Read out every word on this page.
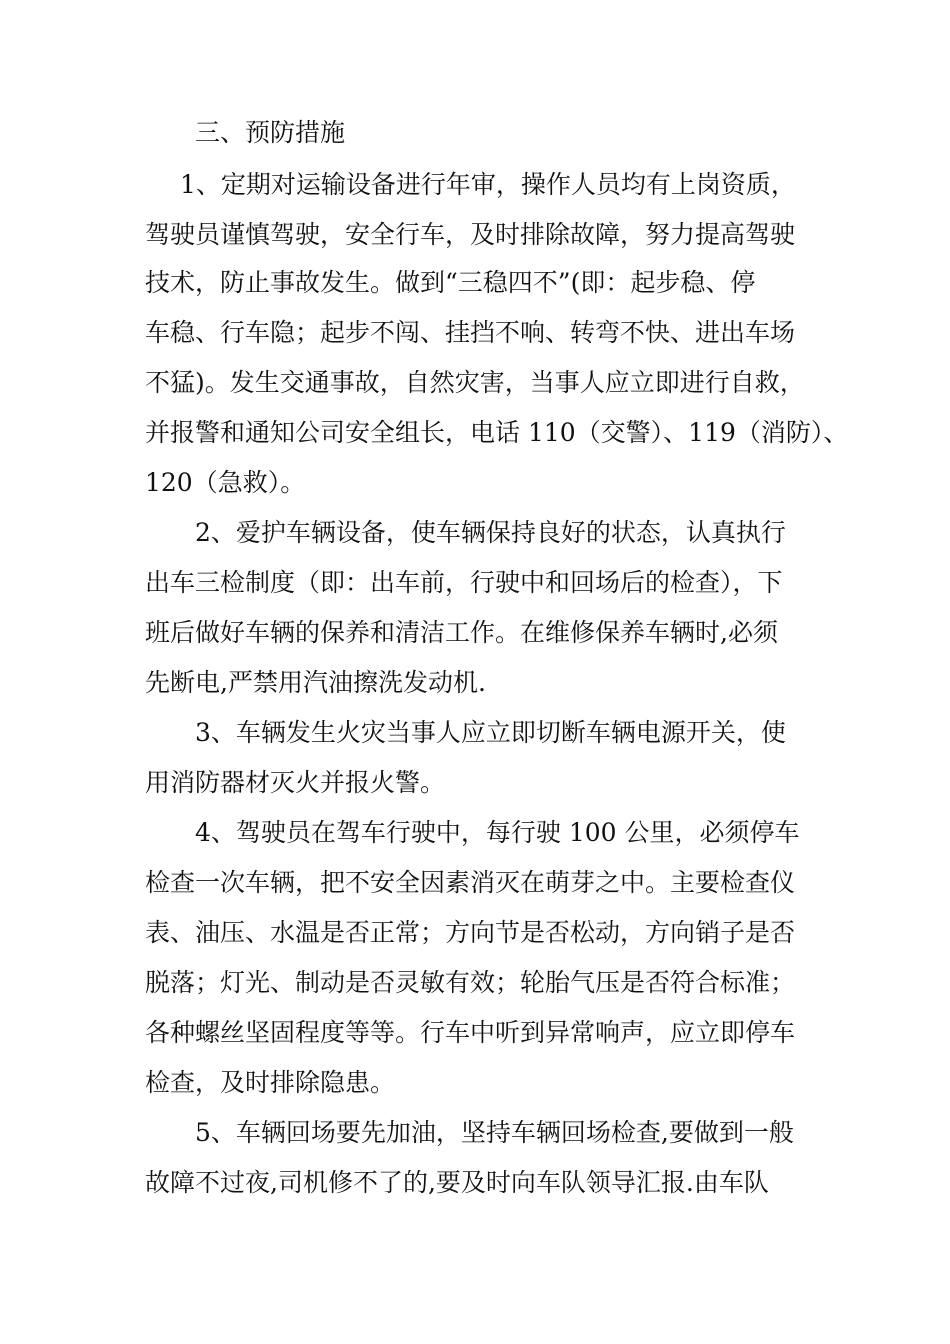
三、预防措施
1、定期对运输设备进行年审，操作人员均有上岗资质，
驾驶员谨慎驾驶，安全行车，及时排除故障，努力提高驾驶
技术，防止事故发生。做到“三稳四不”(即：起步稳、停
车稳、行车隐；起步不闯、挂挡不响、转弯不快、进出车场
不猛)。发生交通事故，自然灾害，当事人应立即进行自救，
并报警和通知公司安全组长，电话 110（交警）、119（消防）、
120（急救）。
2、爱护车辆设备，使车辆保持良好的状态，认真执行
出车三检制度（即：出车前，行驶中和回场后的检查），下
班后做好车辆的保养和清洁工作。在维修保养车辆时,必须
先断电,严禁用汽油擦洗发动机.
3、车辆发生火灾当事人应立即切断车辆电源开关，使
用消防器材灭火并报火警。
4、驾驶员在驾车行驶中，每行驶 100 公里，必须停车
检查一次车辆，把不安全因素消灭在萌芽之中。主要检查仪
表、油压、水温是否正常；方向节是否松动，方向销子是否
脱落；灯光、制动是否灵敏有效；轮胎气压是否符合标准；
各种螺丝坚固程度等等。行车中听到异常响声，应立即停车
检查，及时排除隐患。
5、车辆回场要先加油，坚持车辆回场检查,要做到一般
故障不过夜,司机修不了的,要及时向车队领导汇报.由车队
